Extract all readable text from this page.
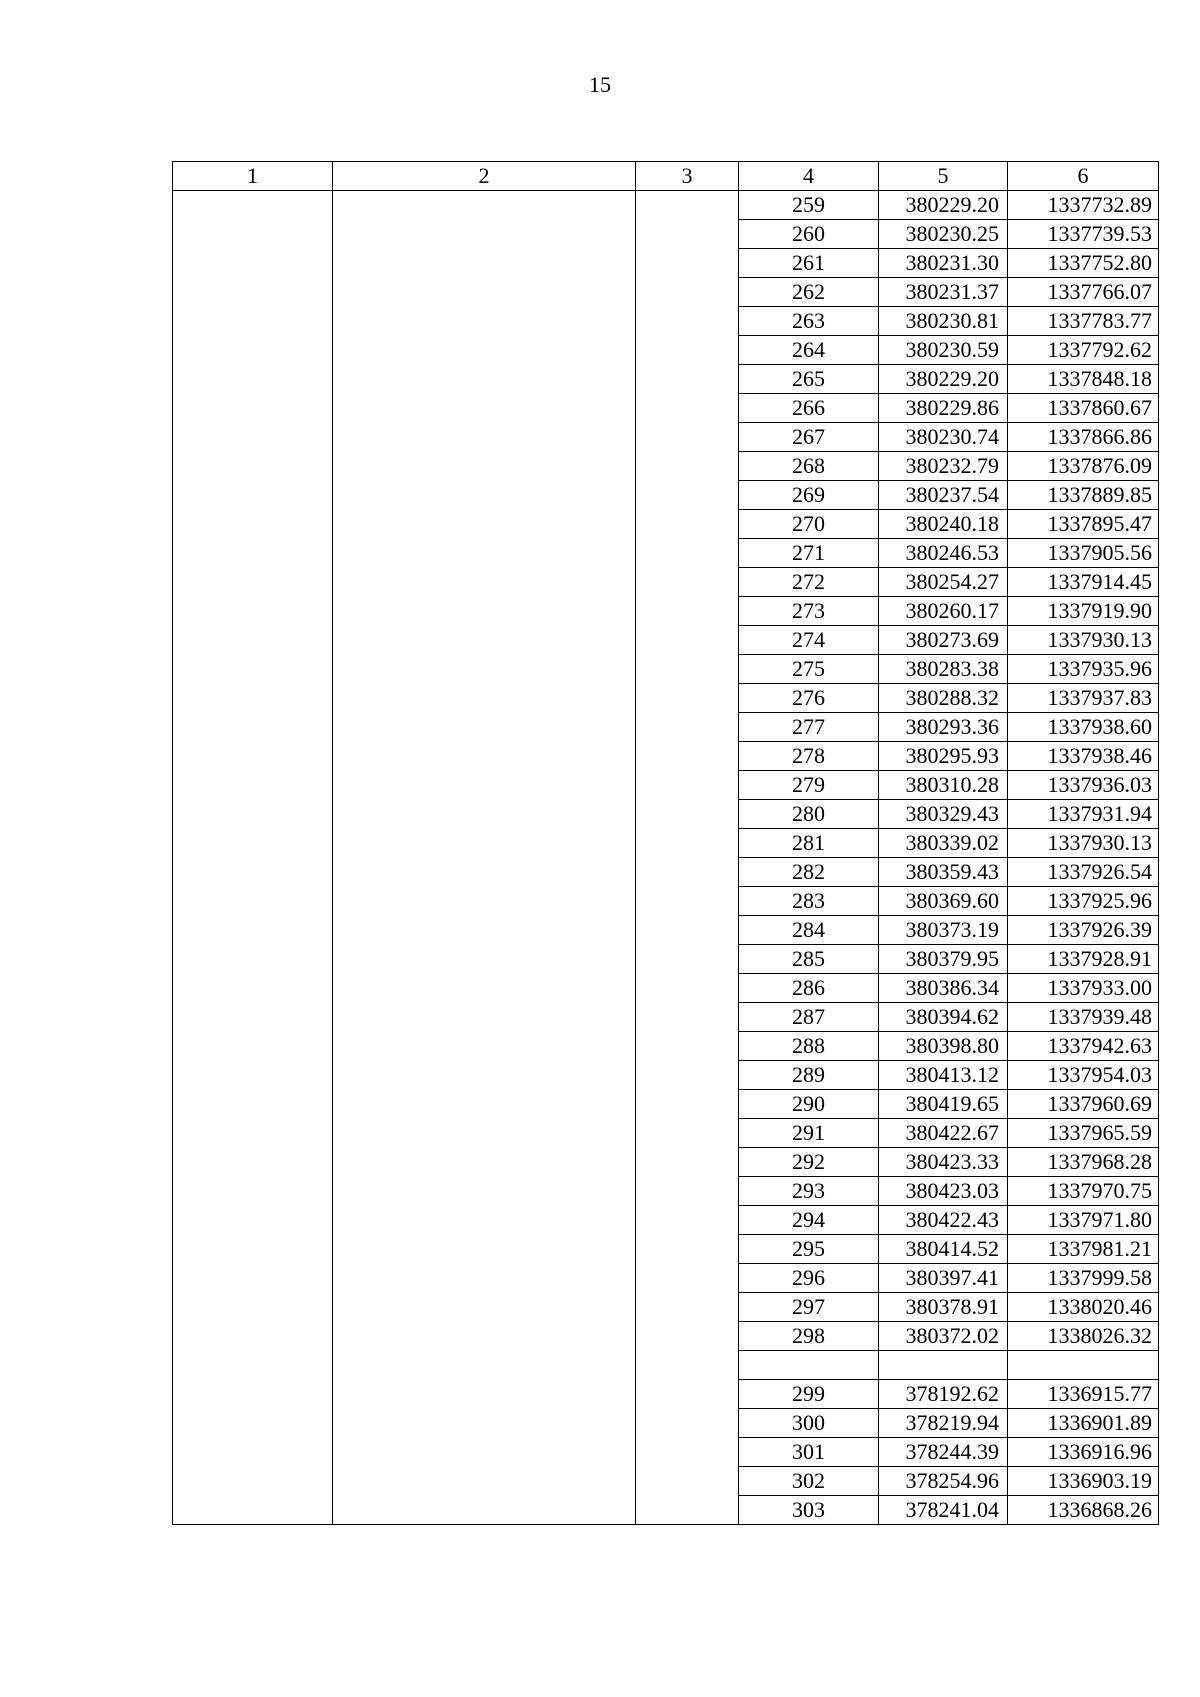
15
1	2	3	4	5	6
			259	380229.20	1337732.89
			260	380230.25	1337739.53
			261	380231.30	1337752.80
			262	380231.37	1337766.07
			263	380230.81	1337783.77
			264	380230.59	1337792.62
			265	380229.20	1337848.18
			266	380229.86	1337860.67
			267	380230.74	1337866.86
			268	380232.79	1337876.09
			269	380237.54	1337889.85
			270	380240.18	1337895.47
			271	380246.53	1337905.56
			272	380254.27	1337914.45
			273	380260.17	1337919.90
			274	380273.69	1337930.13
			275	380283.38	1337935.96
			276	380288.32	1337937.83
			277	380293.36	1337938.60
			278	380295.93	1337938.46
			279	380310.28	1337936.03
			280	380329.43	1337931.94
			281	380339.02	1337930.13
			282	380359.43	1337926.54
			283	380369.60	1337925.96
			284	380373.19	1337926.39
			285	380379.95	1337928.91
			286	380386.34	1337933.00
			287	380394.62	1337939.48
			288	380398.80	1337942.63
			289	380413.12	1337954.03
			290	380419.65	1337960.69
			291	380422.67	1337965.59
			292	380423.33	1337968.28
			293	380423.03	1337970.75
			294	380422.43	1337971.80
			295	380414.52	1337981.21
			296	380397.41	1337999.58
			297	380378.91	1338020.46
			298	380372.02	1338026.32

			299	378192.62	1336915.77
			300	378219.94	1336901.89
			301	378244.39	1336916.96
			302	378254.96	1336903.19
			303	378241.04	1336868.26
